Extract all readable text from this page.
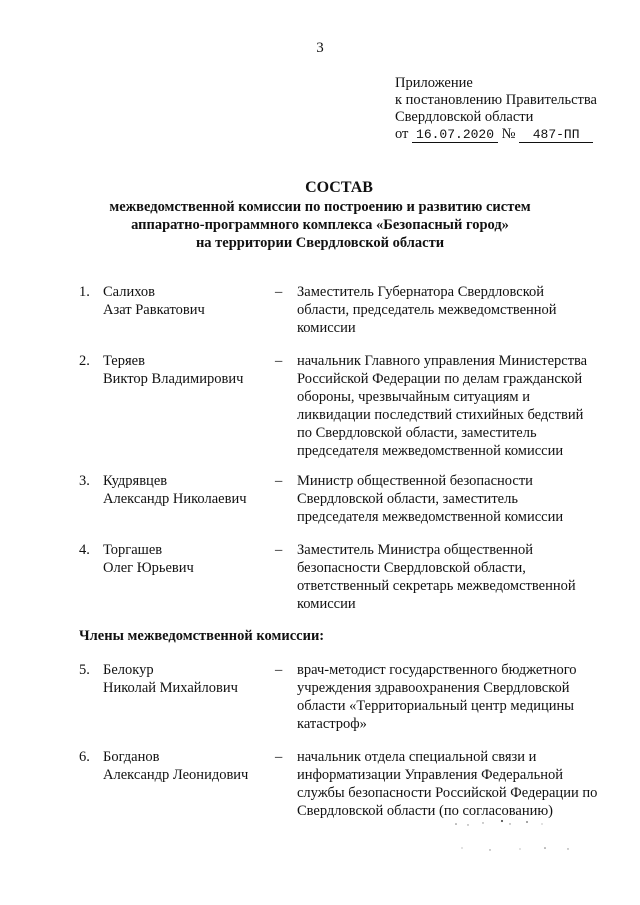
3
Приложение
к постановлению Правительства
Свердловской области
от 16.07.2020 № 487-ПП
СОСТАВ
межведомственной комиссии по построению и развитию систем
аппаратно-программного комплекса «Безопасный город»
на территории Свердловской области
1. Салихов
Азат Равкатович
– Заместитель Губернатора Свердловской
области, председатель межведомственной
комиссии
2. Теряев
Виктор Владимирович
– начальник Главного управления Министерства
Российской Федерации по делам гражданской
обороны, чрезвычайным ситуациям и
ликвидации последствий стихийных бедствий
по Свердловской области, заместитель
председателя межведомственной комиссии
3. Кудрявцев
Александр Николаевич
– Министр общественной безопасности
Свердловской области, заместитель
председателя межведомственной комиссии
4. Торгашев
Олег Юрьевич
– Заместитель Министра общественной
безопасности Свердловской области,
ответственный секретарь межведомственной
комиссии
Члены межведомственной комиссии:
5. Белокур
Николай Михайлович
– врач-методист государственного бюджетного
учреждения здравоохранения Свердловской
области «Территориальный центр медицины
катастроф»
6. Богданов
Александр Леонидович
– начальник отдела специальной связи и
информатизации Управления Федеральной
службы безопасности Российской Федерации по
Свердловской области (по согласованию)
